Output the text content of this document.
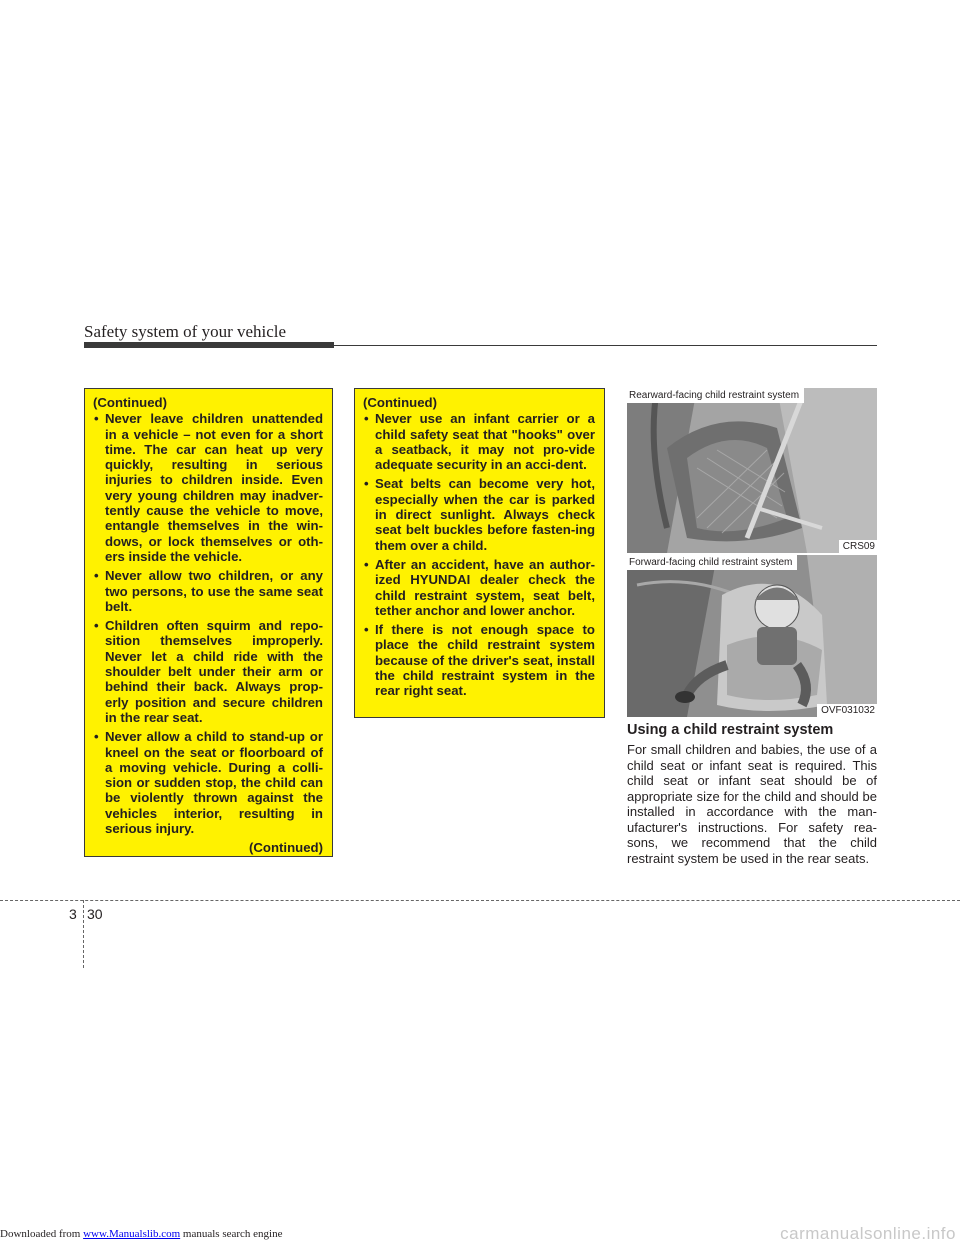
Safety system of your vehicle
(Continued)
• Never leave children unattended in a vehicle – not even for a short time. The car can heat up very quickly, resulting in serious injuries to children inside. Even very young children may inadver-tently cause the vehicle to move, entangle themselves in the win-dows, or lock themselves or oth-ers inside the vehicle.
• Never allow two children, or any two persons, to use the same seat belt.
• Children often squirm and repo-sition themselves improperly. Never let a child ride with the shoulder belt under their arm or behind their back. Always prop-erly position and secure children in the rear seat.
• Never allow a child to stand-up or kneel on the seat or floorboard of a moving vehicle. During a colli-sion or sudden stop, the child can be violently thrown against the vehicles interior, resulting in serious injury.
(Continued)
(Continued)
• Never use an infant carrier or a child safety seat that "hooks" over a seatback, it may not pro-vide adequate security in an acci-dent.
• Seat belts can become very hot, especially when the car is parked in direct sunlight. Always check seat belt buckles before fasten-ing them over a child.
• After an accident, have an author-ized HYUNDAI dealer check the child restraint system, seat belt, tether anchor and lower anchor.
• If there is not enough space to place the child restraint system because of the driver's seat, install the child restraint system in the rear right seat.
Rearward-facing child restraint system
CRS09
Forward-facing child restraint system
OVF031032
Using a child restraint system
For small children and babies, the use of a child seat or infant seat is required. This child seat or infant seat should be of appropriate size for the child and should be installed in accordance with the man-ufacturer's instructions. For safety rea-sons, we recommend that the child restraint system be used in the rear seats.
3 30
Downloaded from www.Manualslib.com manuals search engine	carmanualsonline.info
